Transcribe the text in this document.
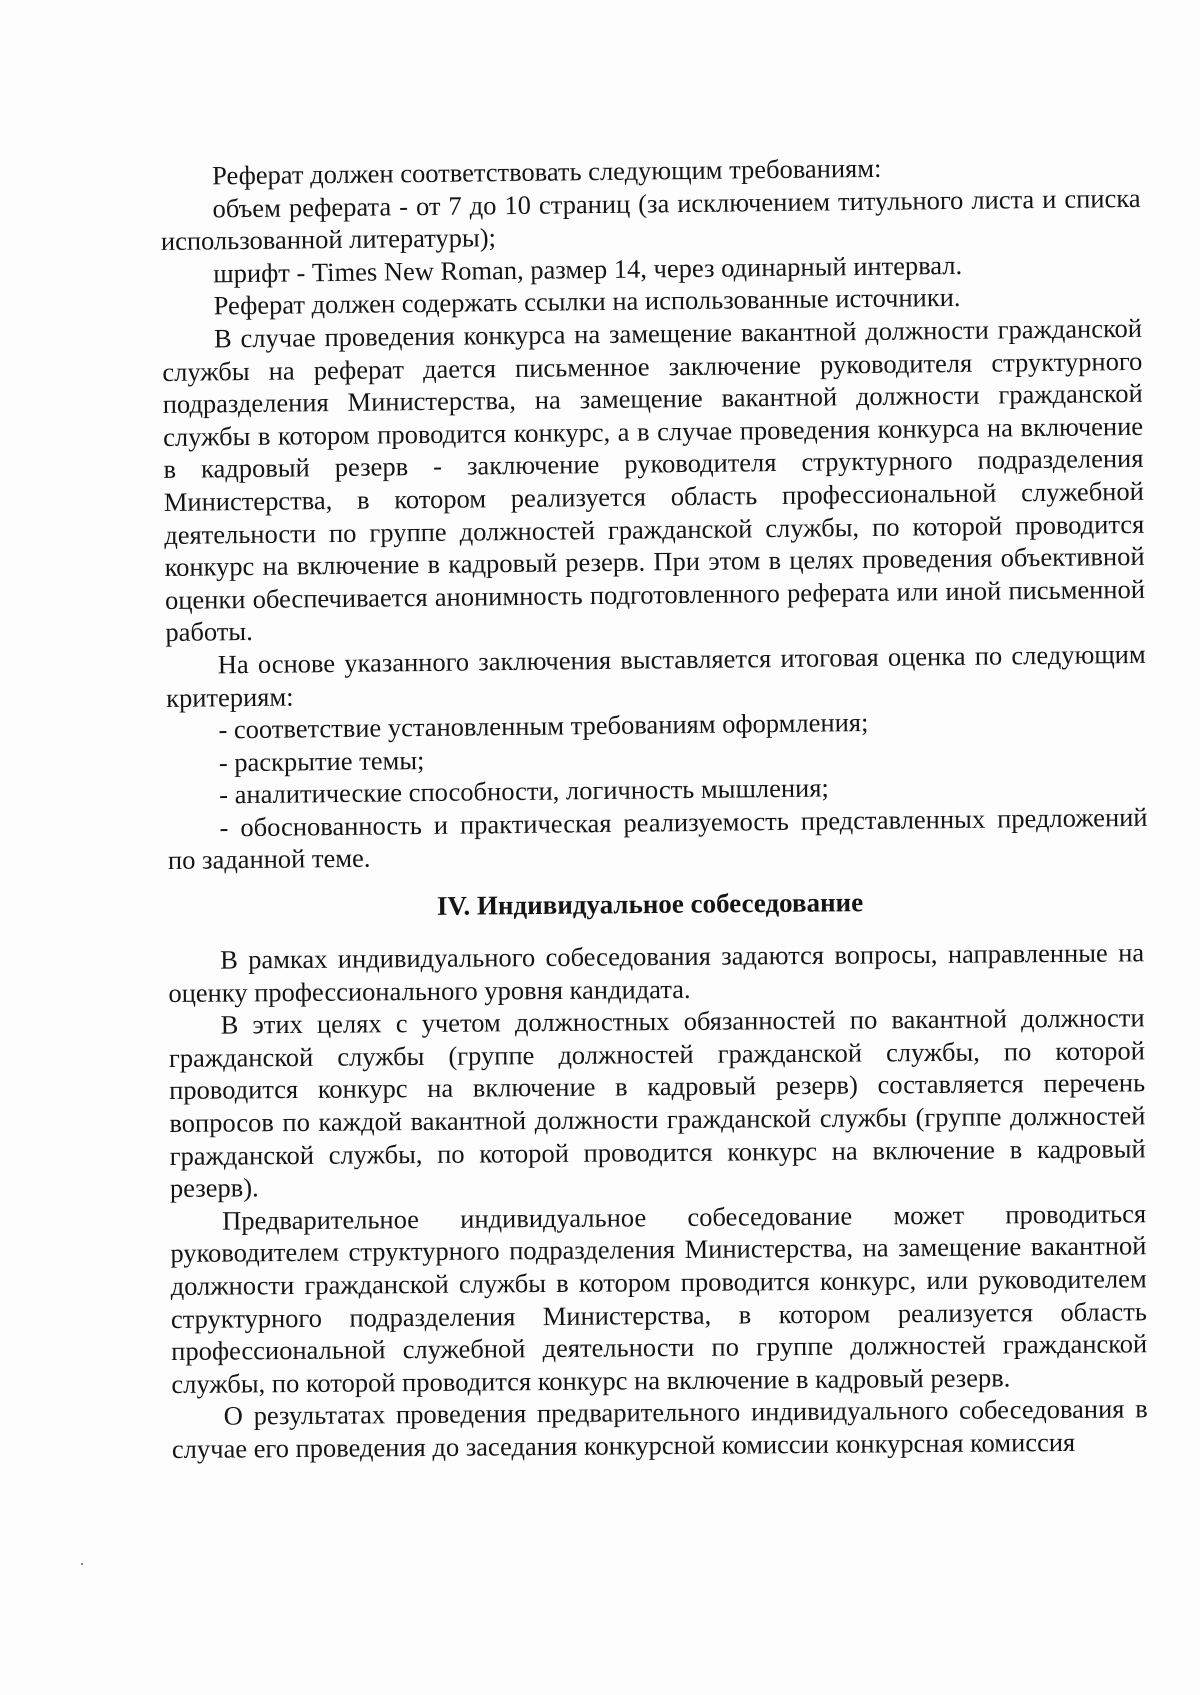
Реферат должен соответствовать следующим требованиям:

объем реферата - от 7 до 10 страниц (за исключением титульного листа и списка использованной литературы);

шрифт - Times New Roman, размер 14, через одинарный интервал.

Реферат должен содержать ссылки на использованные источники.

В случае проведения конкурса на замещение вакантной должности гражданской службы на реферат дается письменное заключение руководителя структурного подразделения Министерства, на замещение вакантной должности гражданской службы в котором проводится конкурс, а в случае проведения конкурса на включение в кадровый резерв - заключение руководителя структурного подразделения Министерства, в котором реализуется область профессиональной служебной деятельности по группе должностей гражданской службы, по которой проводится конкурс на включение в кадровый резерв. При этом в целях проведения объективной оценки обеспечивается анонимность подготовленного реферата или иной письменной работы.

На основе указанного заключения выставляется итоговая оценка по следующим критериям:

- соответствие установленным требованиям оформления;

- раскрытие темы;

- аналитические способности, логичность мышления;

- обоснованность и практическая реализуемость представленных предложений по заданной теме.

IV. Индивидуальное собеседование

В рамках индивидуального собеседования задаются вопросы, направленные на оценку профессионального уровня кандидата.

В этих целях с учетом должностных обязанностей по вакантной должности гражданской службы (группе должностей гражданской службы, по которой проводится конкурс на включение в кадровый резерв) составляется перечень вопросов по каждой вакантной должности гражданской службы (группе должностей гражданской службы, по которой проводится конкурс на включение в кадровый резерв).

Предварительное индивидуальное собеседование может проводиться руководителем структурного подразделения Министерства, на замещение вакантной должности гражданской службы в котором проводится конкурс, или руководителем структурного подразделения Министерства, в котором реализуется область профессиональной служебной деятельности по группе должностей гражданской службы, по которой проводится конкурс на включение в кадровый резерв.

О результатах проведения предварительного индивидуального собеседования в случае его проведения до заседания конкурсной комиссии конкурсная комиссия
